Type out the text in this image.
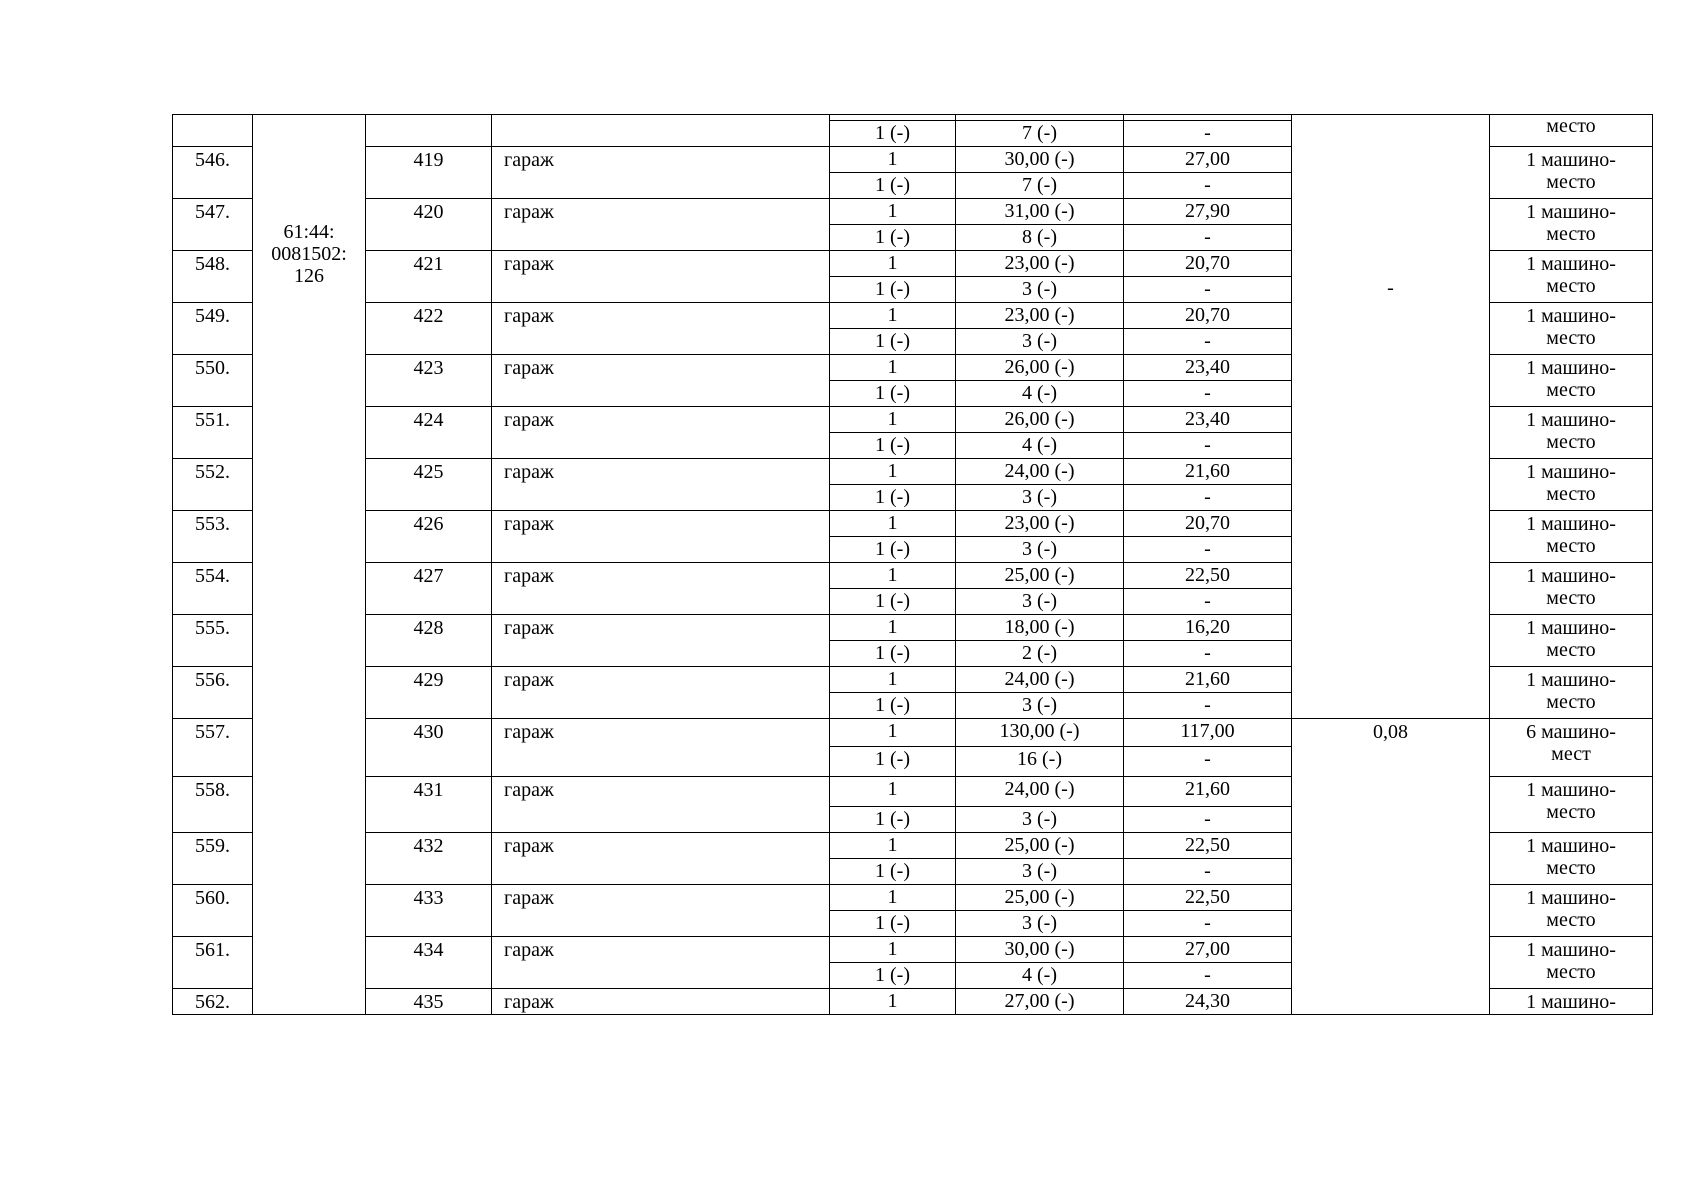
	61:44:
0081502:
126						-	место
				1 (-)	7 (-)	-		
546.		419	гараж	1	30,00 (-)	27,00		1 машино-
место

				1 (-)	7 (-)	-		
547.		420	гараж	1	31,00 (-)	27,90		1 машино-
место

				1 (-)	8 (-)	-		
548.		421	гараж	1	23,00 (-)	20,70		1 машино-
место

				1 (-)	3 (-)	-		
549.		422	гараж	1	23,00 (-)	20,70		1 машино-
место

				1 (-)	3 (-)	-		
550.		423	гараж	1	26,00 (-)	23,40		1 машино-
место

				1 (-)	4 (-)	-		
551.		424	гараж	1	26,00 (-)	23,40		1 машино-
место

				1 (-)	4 (-)	-		
552.		425	гараж	1	24,00 (-)	21,60		1 машино-
место

				1 (-)	3 (-)	-		
553.		426	гараж	1	23,00 (-)	20,70		1 машино-
место

				1 (-)	3 (-)	-		
554.		427	гараж	1	25,00 (-)	22,50		1 машино-
место

				1 (-)	3 (-)	-		
555.		428	гараж	1	18,00 (-)	16,20		1 машино-
место

				1 (-)	2 (-)	-		
556.		429	гараж	1	24,00 (-)	21,60		1 машино-
место

				1 (-)	3 (-)	-		
557.		430	гараж	1	130,00 (-)	117,00	0,08	6 машино-
мест

				1 (-)	16 (-)	-		
558.		431	гараж	1	24,00 (-)	21,60		1 машино-
место

				1 (-)	3 (-)	-		
559.		432	гараж	1	25,00 (-)	22,50		1 машино-
место

				1 (-)	3 (-)	-		
560.		433	гараж	1	25,00 (-)	22,50		1 машино-
место

				1 (-)	3 (-)	-		
561.		434	гараж	1	30,00 (-)	27,00		1 машино-
место

				1 (-)	4 (-)	-		
562.		435	гараж	1	27,00 (-)	24,30		1 машино-
